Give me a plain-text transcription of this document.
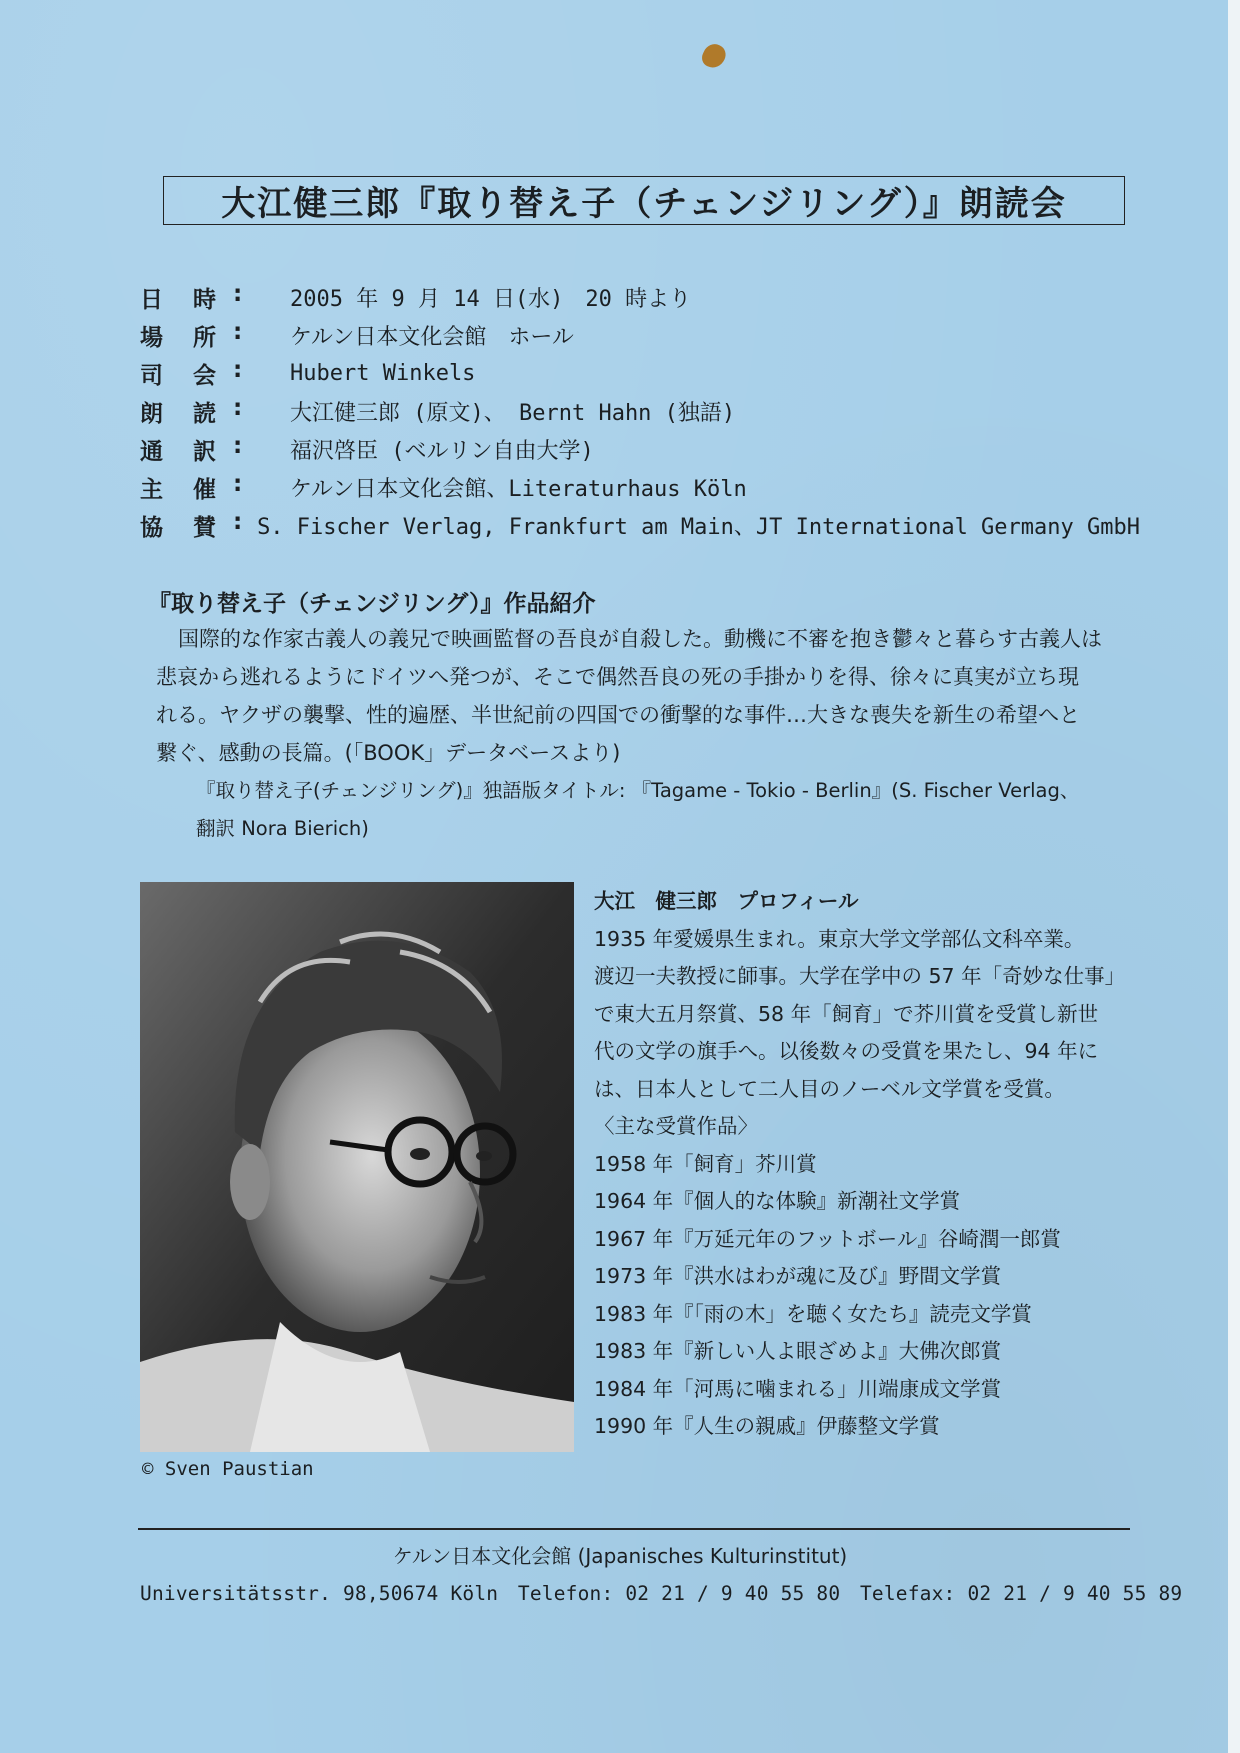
大江健三郎『取り替え子（チェンジリング）』朗読会
日	時 :	2005 年 9 月 14 日(水)　20 時より
場	所 :	ケルン日本文化会館　ホール
司	会 :	Hubert Winkels
朗	読 :	大江健三郎 (原文)、 Bernt Hahn (独語)
通	訳 :	福沢啓臣 (ベルリン自由大学)
主	催 :	ケルン日本文化会館、Literaturhaus Köln
協	賛 : S. Fischer Verlag, Frankfurt am Main、JT International Germany GmbH
『取り替え子（チェンジリング）』作品紹介

国際的な作家古義人の義兄で映画監督の吾良が自殺した。動機に不審を抱き鬱々と暮らす古義人は

悲哀から逃れるようにドイツへ発つが、そこで偶然吾良の死の手掛かりを得、徐々に真実が立ち現

れる。ヤクザの襲撃、性的遍歴、半世紀前の四国での衝撃的な事件…大きな喪失を新生の希望へと

繋ぐ、感動の長篇。(「BOOK」データベースより)

『取り替え子(チェンジリング)』独語版タイトル: 『Tagame - Tokio - Berlin』(S. Fischer Verlag、

翻訳 Nora Bierich)

© Sven Paustian

大江　健三郎　プロフィール

1935 年愛媛県生まれ。東京大学文学部仏文科卒業。

渡辺一夫教授に師事。大学在学中の 57 年「奇妙な仕事」

で東大五月祭賞、58 年「飼育」で芥川賞を受賞し新世

代の文学の旗手へ。以後数々の受賞を果たし、94 年に

は、日本人として二人目のノーベル文学賞を受賞。

〈主な受賞作品〉

1958 年「飼育」芥川賞

1964 年『個人的な体験』新潮社文学賞

1967 年『万延元年のフットボール』谷崎潤一郎賞

1973 年『洪水はわが魂に及び』野間文学賞

1983 年『「雨の木」を聴く女たち』読売文学賞

1983 年『新しい人よ眼ざめよ』大佛次郎賞

1984 年「河馬に噛まれる」川端康成文学賞

1990 年『人生の親戚』伊藤整文学賞

ケルン日本文化会館 (Japanisches Kulturinstitut)
Universitätsstr. 98,50674 Köln　Telefon: 02 21 / 9 40 55 80　Telefax: 02 21 / 9 40 55 89
